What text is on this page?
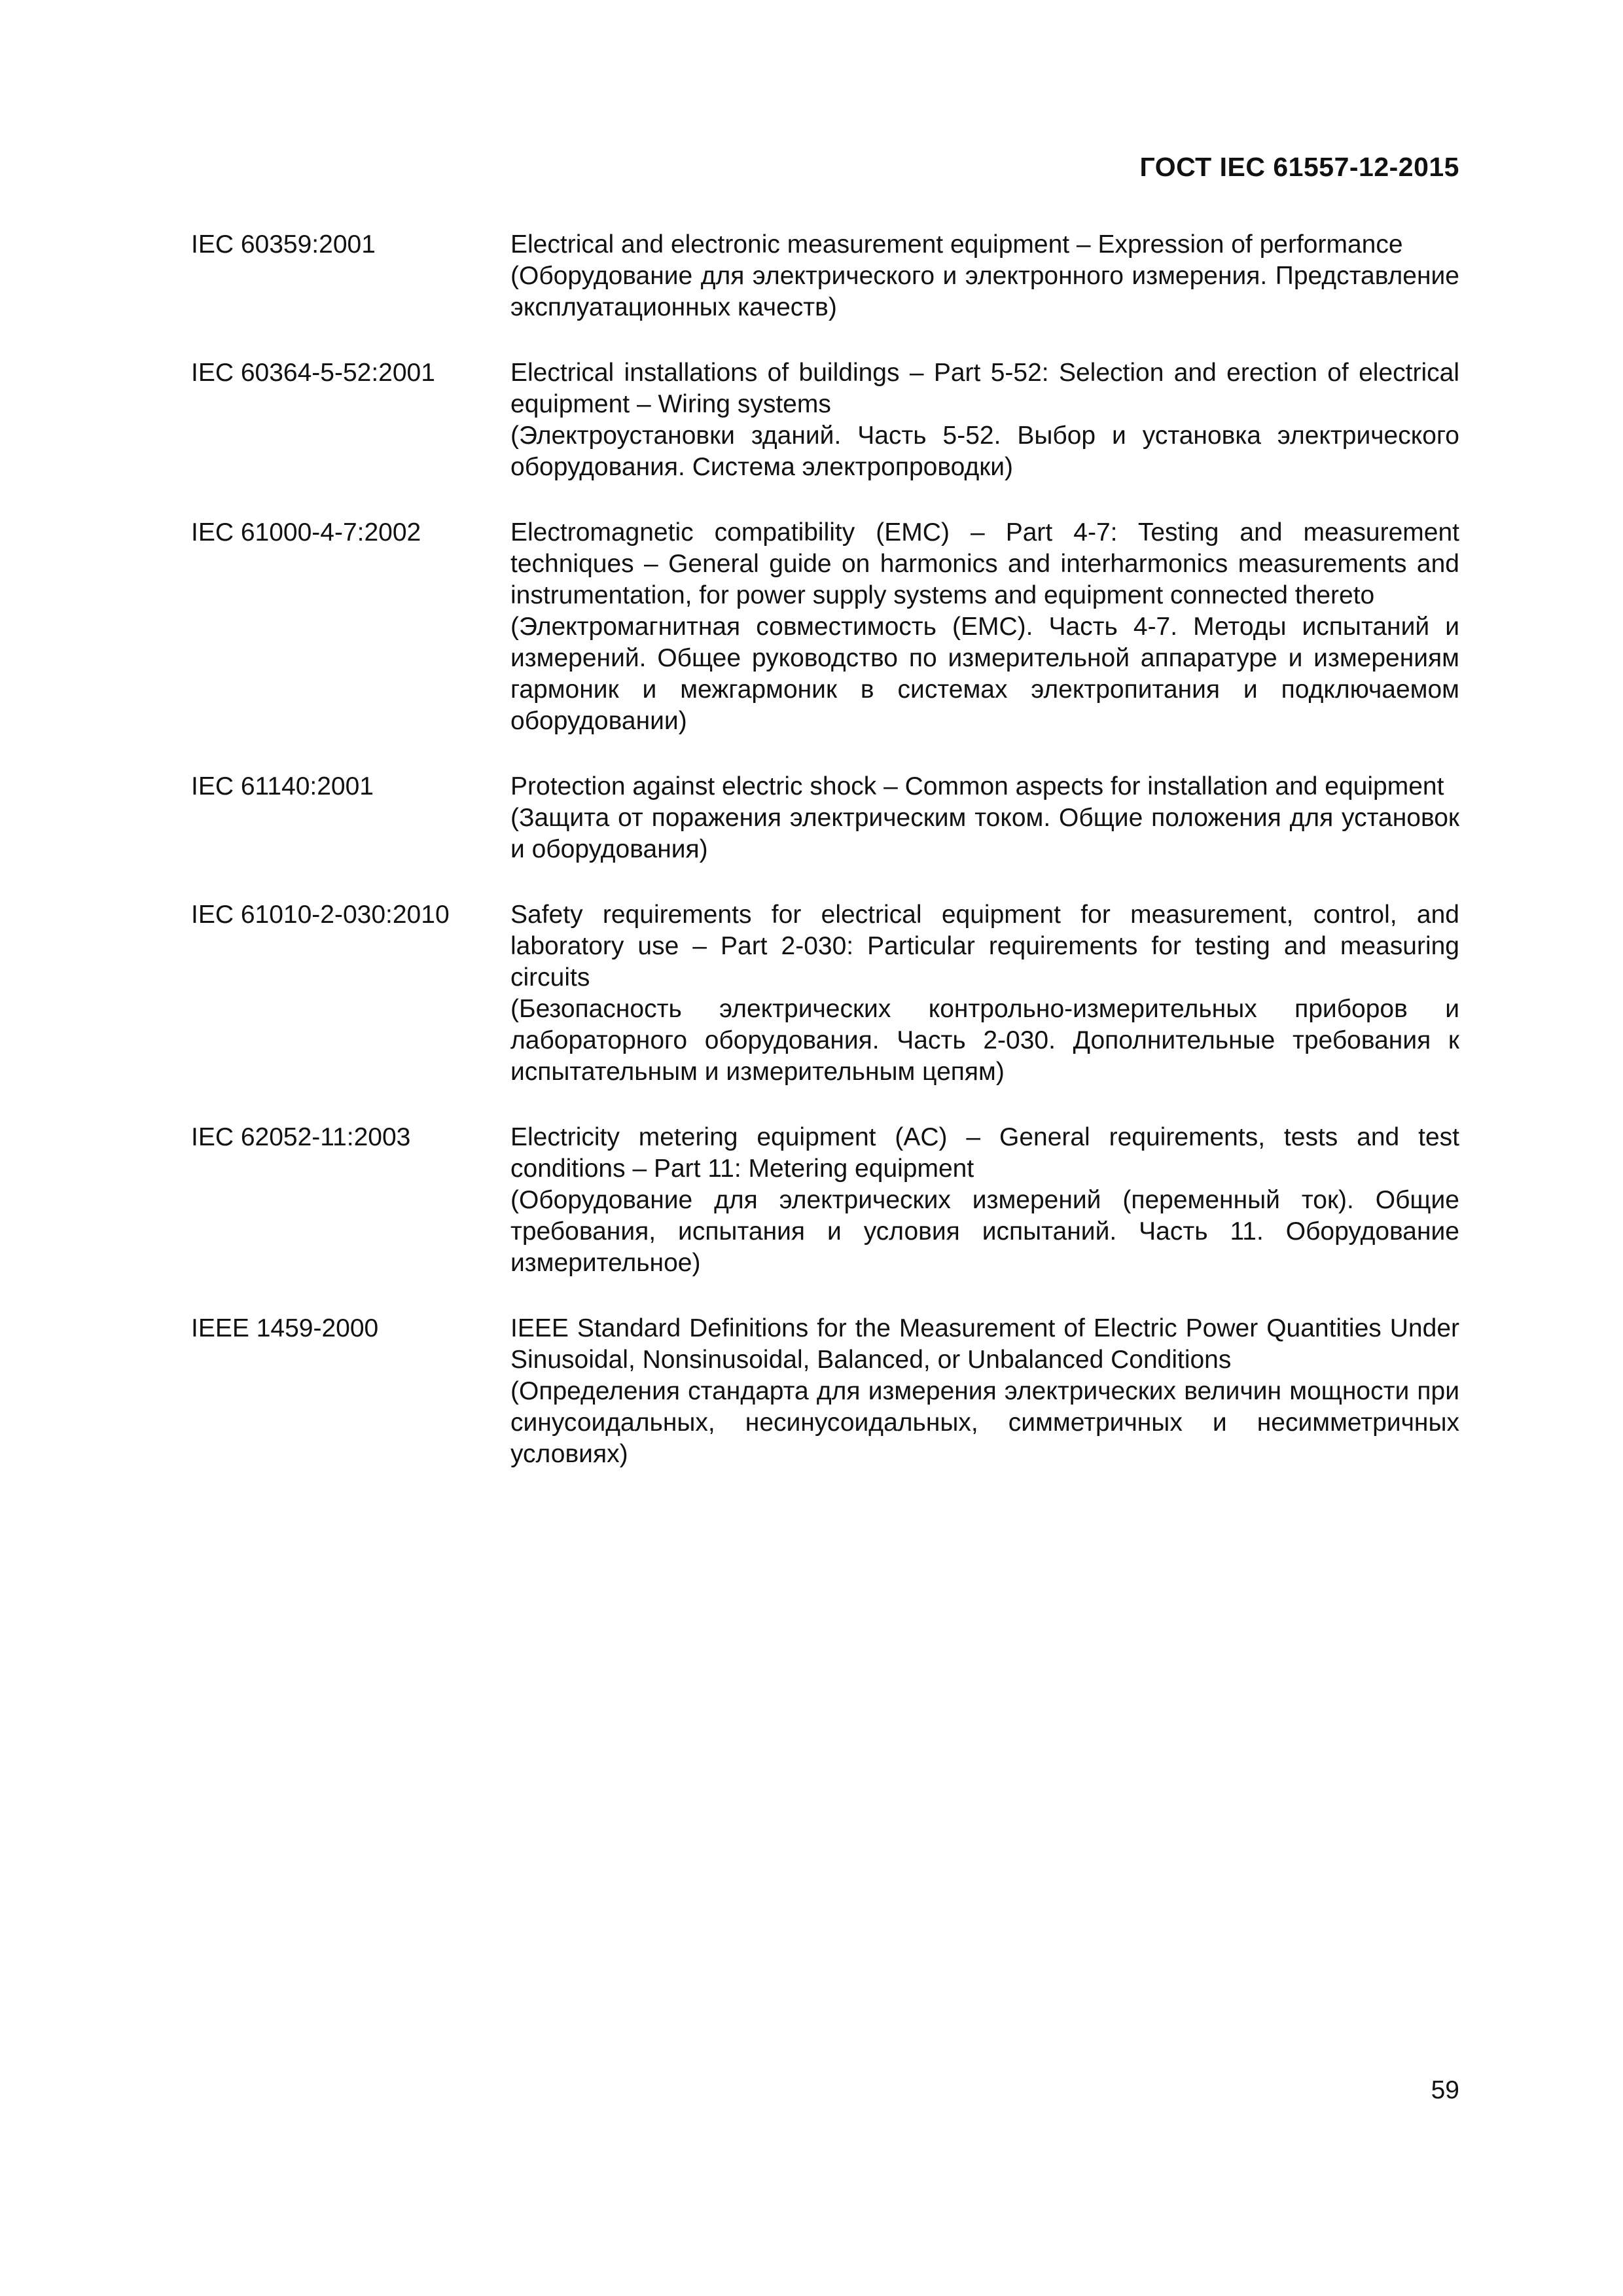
ГОСТ IEC 61557-12-2015
IEC 60359:2001	Electrical and electronic measurement equipment – Expression of performance

(Оборудование для электрического и электронного измерения. Представление эксплуатационных качеств)

IEC 60364-5-52:2001	Electrical installations of buildings – Part 5-52: Selection and erection of electrical equipment – Wiring systems

(Электроустановки зданий. Часть 5-52. Выбор и установка электрического оборудования. Система электропроводки)

IEC 61000-4-7:2002	Electromagnetic compatibility (EMC) – Part 4-7: Testing and measurement techniques – General guide on harmonics and interharmonics measurements and instrumentation, for power supply systems and equipment connected thereto

(Электромагнитная совместимость (ЕМС). Часть 4-7. Методы испытаний и измерений. Общее руководство по измерительной аппаратуре и измерениям гармоник и межгармоник в системах электропитания и подключаемом оборудовании)

IEC 61140:2001	Protection against electric shock – Common aspects for installation and equipment

(Защита от поражения электрическим током. Общие положения для установок и оборудования)

IEC 61010-2-030:2010	Safety requirements for electrical equipment for measurement, control, and laboratory use – Part 2-030: Particular requirements for testing and measuring circuits

(Безопасность электрических контрольно-измерительных приборов и лабораторного оборудования. Часть 2-030. Дополнительные требования к испытательным и измерительным цепям)

IEC 62052-11:2003	Electricity metering equipment (AC) – General requirements, tests and test conditions – Part 11: Metering equipment

(Оборудование для электрических измерений (переменный ток). Общие требования, испытания и условия испытаний. Часть 11. Оборудование измерительное)

IEEE 1459-2000	IEEE Standard Definitions for the Measurement of Electric Power Quantities Under Sinusoidal, Nonsinusoidal, Balanced, or Unbalanced Conditions

(Определения стандарта для измерения электрических величин мощности при синусоидальных, несинусоидальных, симметричных и несимметричных условиях)

59
